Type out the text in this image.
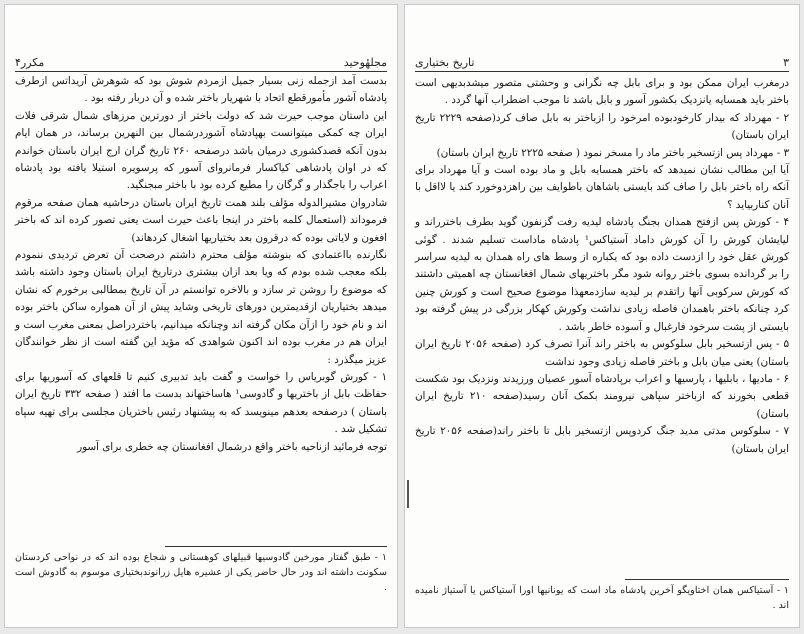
۴مکرر	مجلهٔوحید

بدست آمد ازجمله زنی بسیار جمیل ازمردم شوش بود که شوهرش آریداتس ازطرف پادشاه آشور مأمورقطع اتحاد با شهریار باختر شده و آن دربار رفته بود .

این داستان موجب حیرت شد که دولت باختر از دورترین مرزهای شمال شرقی فلات ایران چه کمکی میتوانست بهپادشاه آشوردرشمال بین النهرین برساند، در همان ایام بدون آنکه قصدکشوری درمیان باشد درصفحه ۲۶۰ تاریخ گران ارج ایران باستان خواندم که در اوان پادشاهی کیاکسار فرمانروای آسور که پرسویره استیلا یافته بود پادشاه اعراب را باجگذار و گرگان را مطیع کرده بود با باختر مبجنگید.

شادروان مشیرالدوله مؤلف بلند همت تاریخ ایران باستان درحاشیه همان صفحه مرقوم فرموداند (استعمال کلمه باختر در اینجا باعث حیرت است یعنی تصور کرده اند که باختر افغون و لایاتی بوده که درقرون بعد بختیاریها اشغال کردهاند)

نگارنده بااعتمادی که بنوشته مؤلف محترم داشتم درصحت آن تعرض تردیدی ننمودم بلکه معجب شده بودم که ویا بعد ازان بیشتری درتاریخ ایران باستان وجود داشته باشد که موضوع را روشن تر سازد و بالاخره توانستم در آن تاریخ بمطالبی برخورم که نشان میدهد بختیاریان ازقدیمترین دورهای تاریخی وشاید پیش از آن همواره ساکن باختر بوده اند و نام خود را ازآن مکان گرفته اند وچنانکه میدانیم، باختردراصل بمعنی مغرب است و ایران هم در مغرب بوده اند اکنون شواهدی که مؤید این گفته است از نظر خوانندگان عزیز میگذرد :

۱ - کورش گوبریاس را خواست و گفت باید تدبیری کنیم تا قلعهای که آسوریها برای حفاظت بابل از باختریها و گادوسی¹ هاساختهاند بدست ما افتد ( صفحه ۳۳۲ تاریخ ایران باستان ) درصفحه بعدهم مینویسد که به پیشنهاد رئیس باختریان مجلسی برای تهیه سپاه تشکیل شد .

توجه فرمائید ازناحیه باختر واقع درشمال افغانستان چه خطری برای آسور

۱ - طبق گفتار مورخین گادوسیها قبیلهای کوهستانی و شجاع بوده اند که در نواحی کردستان سکونت داشته اند ودر حال حاضر یکی از عشیره هایل زرانوندبختیاری موسوم به گادوش است .
تاریخ بختیاری	۳

درمغرب ایران ممکن بود و برای بابل چه نگرانی و وحشتی متصور میشدبدیهی است باختر باید همسایه یانزدیک بکشور آسور و بابل باشد تا موجب اضطراب آنها گردد .

۲ - مهرداد که بیدار کارخودبوده امرخود را ازباختر به بابل صاف کرد(صفحه ۲۲۲۹ تاریخ ایران باستان)

۳ - مهرداد پس ازتسخیر باختر ماد را مسخر نمود ( صفحه ۲۲۲۵ تاریخ ایران باستان)

آیا این مطالب نشان نمیدهد که باختر همسایه بابل و ماد بوده است و آیا مهرداد برای آنکه راه باختر بابل را صاف کند بایستی باشاهان باطوایف بین راهزدوخورد کند یا لااقل با آنان کناربیاید ؟

۴ - کورش پس ازفتح همدان بجنگ پادشاه لیدیه رفت گزنفون گوید بطرف باخترراند و لیایشان کورش را آن کورش داماد آستیاکس¹ پادشاه ماداست تسلیم شدند . گوئی کورش عقل خود را ازدست داده بود که یکباره از وسط های راه همدان به لیدیه سراسر را بر گردانده بسوی باختر روانه شود مگر باختریهای شمال افغانستان چه اهمیتی داشتند که کورش سرکوبی آنها راتقدم بر لیدیه سازدمعهذا موضوع صحیح است و کورش چنین کرد چنانکه باختر باهمدان فاصله زیادی نداشت وکورش کهکار بزرگی در پیش گرفته بود بایستی از پشت سرخود فارغبال و آسوده خاطر باشد .

۵ - پس ازتسخیر بابل سلوکوس به باختر راند آنرا تصرف کرد (صفحه ۲۰۵۶ تاریخ ایران باستان) یعنی میان بابل و باختر فاصله زیادی وجود نداشت

۶ - مادیها ، بابلیها ، پارسیها و اعراب برپادشاه آسور عصیان ورزیدند ونزدیک بود شکست قطعی بخورند که ازباختر سپاهی نیرومند بکمک آنان رسید(صفحه ۲۱۰ تاریخ ایران باستان)

۷ - سلوکوس مدتی مدید جنگ کردوپس ازتسخیر بابل تا باختر راند(صفحه ۲۰۵۶ تاریخ ایران باستان)

۱ - آستیاکس همان اختاویگو آخرین پادشاه ماد است که یونانیها اورا آستیاکس یا آستیاژ نامیده اند .
